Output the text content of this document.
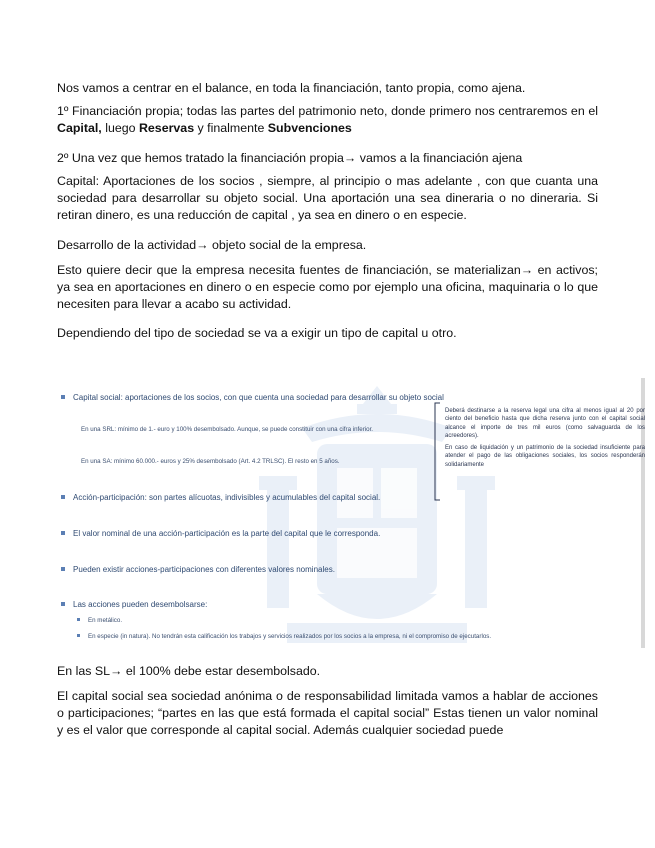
Nos vamos a centrar en el balance, en toda la financiación, tanto propia, como ajena.

1º Financiación propia; todas las partes del patrimonio neto, donde primero nos centraremos en el Capital, luego Reservas y finalmente Subvenciones

2º Una vez que hemos tratado la financiación propia→ vamos a la financiación ajena

Capital: Aportaciones de los socios , siempre, al principio o mas adelante , con que cuanta una sociedad para desarrollar su objeto social. Una aportación una sea dineraria o no dineraria. Si retiran dinero, es una reducción de capital , ya sea en dinero o en especie.

Desarrollo de la actividad→ objeto social de la empresa.

Esto quiere decir que la empresa necesita fuentes de financiación, se materializan→ en activos; ya sea en aportaciones en dinero o en especie como por ejemplo una oficina, maquinaria o lo que necesiten para llevar a acabo su actividad.

Dependiendo del tipo de sociedad se va a exigir un tipo de capital u otro.

Capital social: aportaciones de los socios, con que cuenta una sociedad para desarrollar su objeto social
En una SRL: mínimo de 1.- euro y 100% desembolsado. Aunque, se puede constituir con una cifra inferior.
En una SA: mínimo 60.000.- euros y 25% desembolsado (Art. 4.2 TRLSC). El resto en 5 años.
Deberá destinarse a la reserva legal una cifra al menos igual al 20 por ciento del beneficio hasta que dicha reserva junto con el capital social alcance el importe de tres mil euros (como salvaguarda de los acreedores).
En caso de liquidación y un patrimonio de la sociedad insuficiente para atender el pago de las obligaciones sociales, los socios responderán solidariamente
Acción-participación: son partes alícuotas, indivisibles y acumulables del capital social.
El valor nominal de una acción-participación es la parte del capital que le corresponda.
Pueden existir acciones-participaciones con diferentes valores nominales.
Las acciones pueden desembolsarse:
En metálico.
En especie (in natura). No tendrán esta calificación los trabajos y servicios realizados por los socios a la empresa, ni el compromiso de ejecutarlos.

En las SL→ el 100% debe estar desembolsado.

El capital social sea sociedad anónima o de responsabilidad limitada vamos a hablar de acciones o participaciones; “partes en las que está formada el capital social” Estas tienen un valor nominal y es el valor que corresponde al capital social. Además cualquier sociedad puede
